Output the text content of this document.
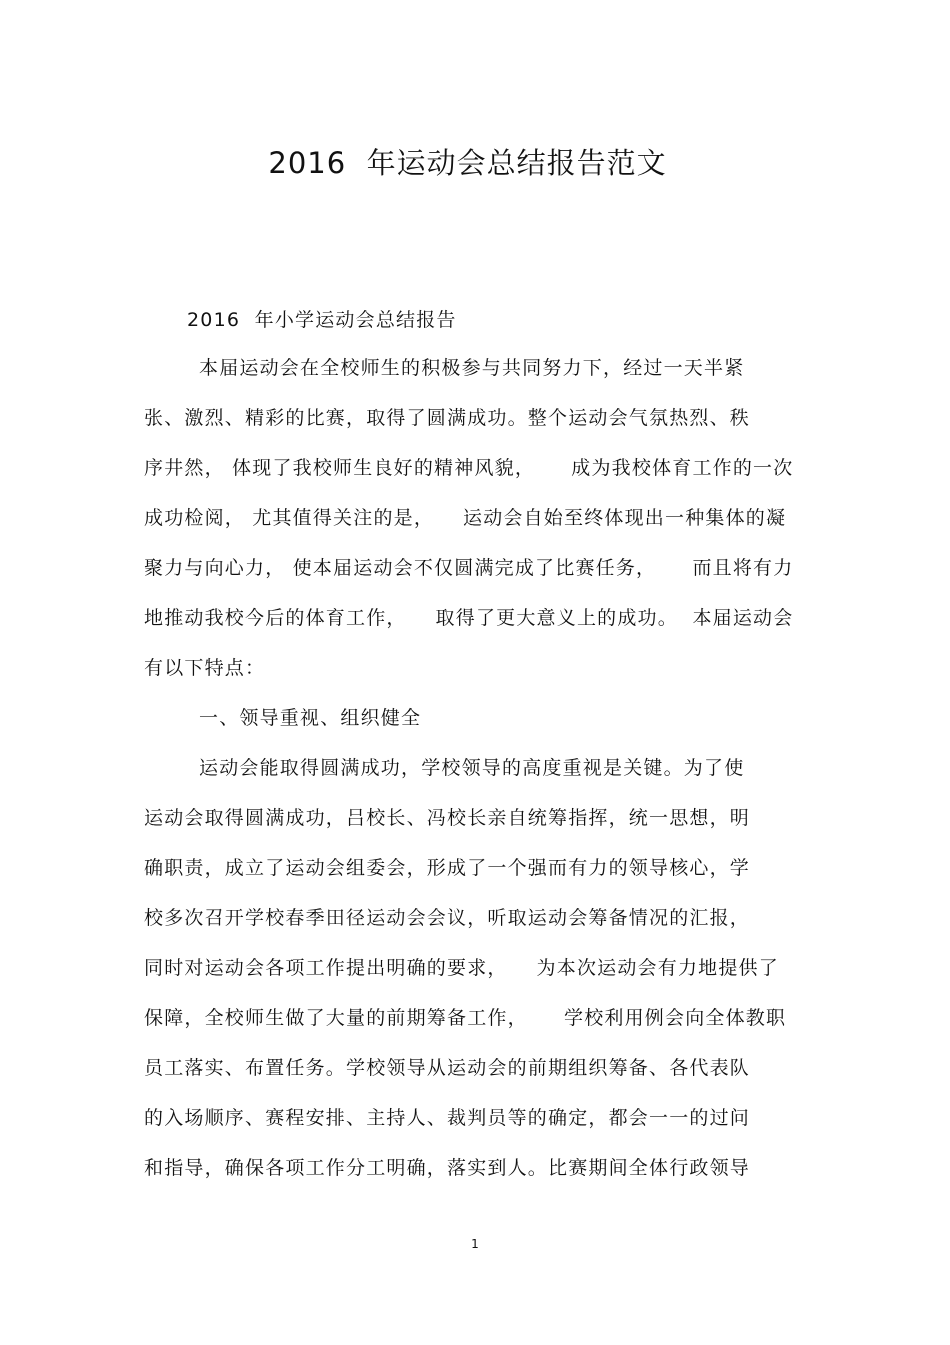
2016  年运动会总结报告范文
2016  年小学运动会总结报告
本届运动会在全校师生的积极参与共同努力下，经过一天半紧
张、激烈、精彩的比赛，取得了圆满成功。整个运动会气氛热烈、秩
序井然， 体现了我校师生良好的精神风貌，     成为我校体育工作的一次
成功检阅， 尤其值得关注的是，    运动会自始至终体现出一种集体的凝
聚力与向心力， 使本届运动会不仅圆满完成了比赛任务，     而且将有力
地推动我校今后的体育工作，    取得了更大意义上的成功。  本届运动会
有以下特点：
一、领导重视、组织健全
运动会能取得圆满成功，学校领导的高度重视是关键。为了使
运动会取得圆满成功，吕校长、冯校长亲自统筹指挥，统一思想，明
确职责，成立了运动会组委会，形成了一个强而有力的领导核心，学
校多次召开学校春季田径运动会会议，听取运动会筹备情况的汇报，
同时对运动会各项工作提出明确的要求，    为本次运动会有力地提供了
保障，全校师生做了大量的前期筹备工作，     学校利用例会向全体教职
员工落实、布置任务。学校领导从运动会的前期组织筹备、各代表队
的入场顺序、赛程安排、主持人、裁判员等的确定，都会一一的过问
和指导，确保各项工作分工明确，落实到人。比赛期间全体行政领导
1
